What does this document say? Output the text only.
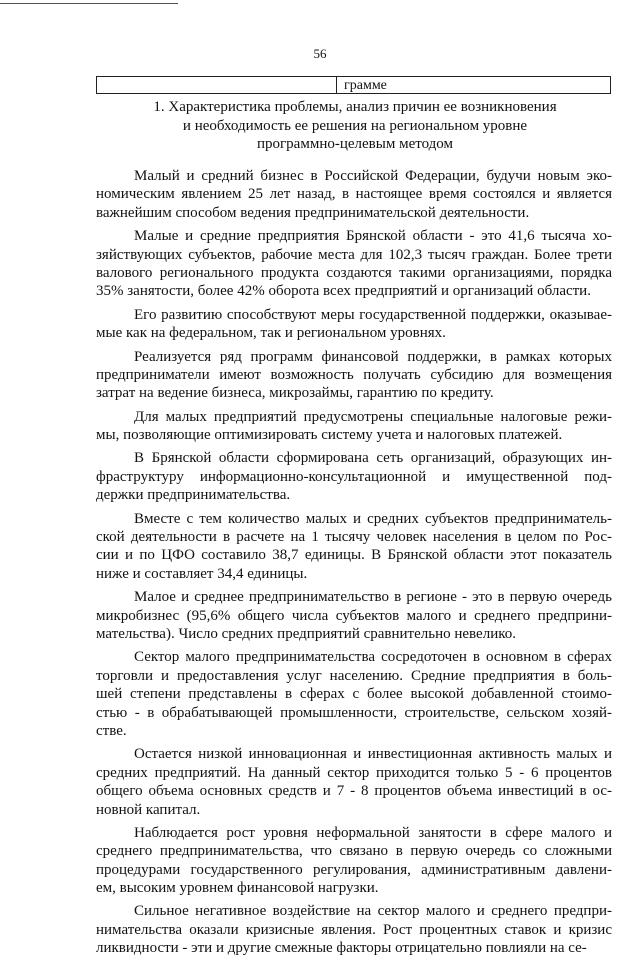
56
грамме
1. Характеристика проблемы, анализ причин ее возникновения
и необходимость ее решения на региональном уровне
программно-целевым методом
Малый и средний бизнес в Российской Федерации, будучи новым эко-
номическим явлением 25 лет назад, в настоящее время состоялся и является
важнейшим способом ведения предпринимательской деятельности.
Малые и средние предприятия Брянской области - это 41,6 тысяча хо-
зяйствующих субъектов, рабочие места для 102,3 тысяч граждан. Более трети
валового регионального продукта создаются такими организациями, порядка
35% занятости, более 42% оборота всех предприятий и организаций области.
Его развитию способствуют меры государственной поддержки, оказывае-
мые как на федеральном, так и региональном уровнях.
Реализуется ряд программ финансовой поддержки, в рамках которых
предприниматели имеют возможность получать субсидию для возмещения
затрат на ведение бизнеса, микрозаймы, гарантию по кредиту.
Для малых предприятий предусмотрены специальные налоговые режи-
мы, позволяющие оптимизировать систему учета и налоговых платежей.
В Брянской области сформирована сеть организаций, образующих ин-
фраструктуру информационно-консультационной и имущественной под-
держки предпринимательства.
Вместе с тем количество малых и средних субъектов предприниматель-
ской деятельности в расчете на 1 тысячу человек населения в целом по Рос-
сии и по ЦФО составило 38,7 единицы. В Брянской области этот показатель
ниже и составляет 34,4 единицы.
Малое и среднее предпринимательство в регионе - это в первую очередь
микробизнес (95,6% общего числа субъектов малого и среднего предприни-
мательства). Число средних предприятий сравнительно невелико.
Сектор малого предпринимательства сосредоточен в основном в сферах
торговли и предоставления услуг населению. Средние предприятия в боль-
шей степени представлены в сферах с более высокой добавленной стоимо-
стью - в обрабатывающей промышленности, строительстве, сельском хозяй-
стве.
Остается низкой инновационная и инвестиционная активность малых и
средних предприятий. На данный сектор приходится только 5 - 6 процентов
общего объема основных средств и 7 - 8 процентов объема инвестиций в ос-
новной капитал.
Наблюдается рост уровня неформальной занятости в сфере малого и
среднего предпринимательства, что связано в первую очередь со сложными
процедурами государственного регулирования, административным давлени-
ем, высоким уровнем финансовой нагрузки.
Сильное негативное воздействие на сектор малого и среднего предпри-
нимательства оказали кризисные явления. Рост процентных ставок и кризис
ликвидности - эти и другие смежные факторы отрицательно повлияли на се-
